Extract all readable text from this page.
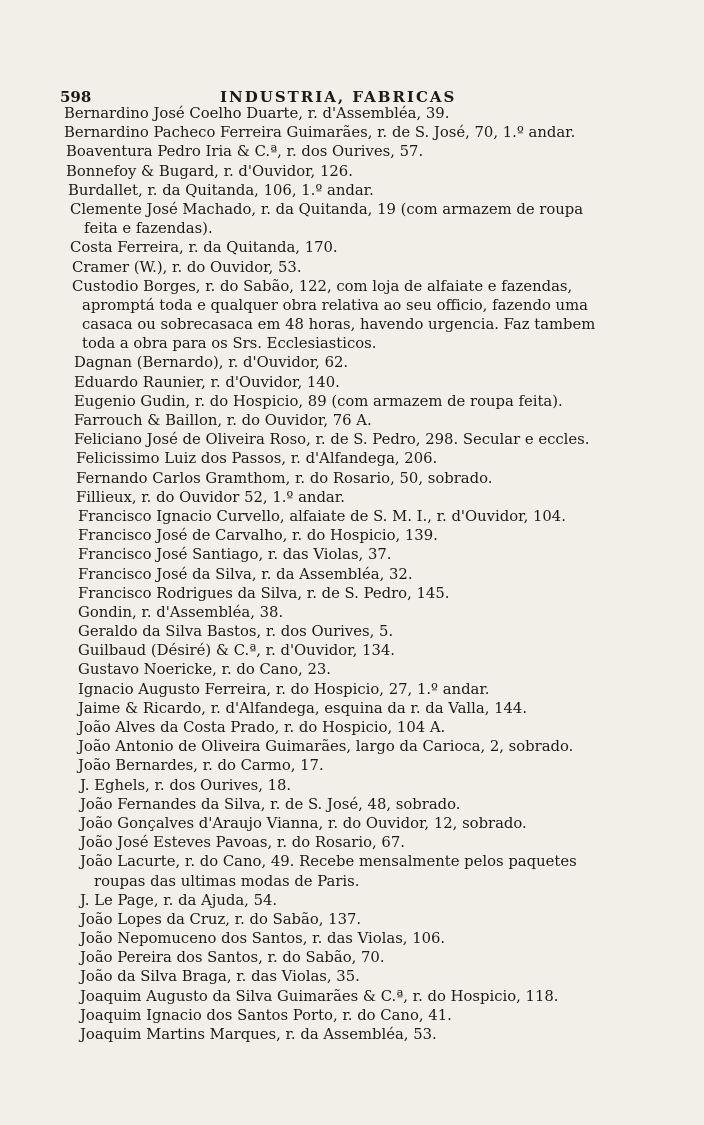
598	INDUSTRIA, FABRICAS
Bernardino José Coelho Duarte, r. d'Assembléa, 39.
Bernardino Pacheco Ferreira Guimarães, r. de S. José, 70, 1.º andar.
Boaventura Pedro Iria & C.ª, r. dos Ourives, 57.
Bonnefoy & Bugard, r. d'Ouvidor, 126.
Burdallet, r. da Quitanda, 106, 1.º andar.
Clemente José Machado, r. da Quitanda, 19 (com armazem de roupa
feita e fazendas).
Costa Ferreira, r. da Quitanda, 170.
Cramer (W.), r. do Ouvidor, 53.
Custodio Borges, r. do Sabão, 122, com loja de alfaiate e fazendas,
apromptá toda e qualquer obra relativa ao seu officio, fazendo uma
casaca ou sobrecasaca em 48 horas, havendo urgencia. Faz tambem
toda a obra para os Srs. Ecclesiasticos.
Dagnan (Bernardo), r. d'Ouvidor, 62.
Eduardo Raunier, r. d'Ouvidor, 140.
Eugenio Gudin, r. do Hospicio, 89 (com armazem de roupa feita).
Farrouch & Baillon, r. do Ouvidor, 76 A.
Feliciano José de Oliveira Roso, r. de S. Pedro, 298. Secular e eccles.
Felicissimo Luiz dos Passos, r. d'Alfandega, 206.
Fernando Carlos Gramthom, r. do Rosario, 50, sobrado.
Fillieux, r. do Ouvidor 52, 1.º andar.
Francisco Ignacio Curvello, alfaiate de S. M. I., r. d'Ouvidor, 104.
Francisco José de Carvalho, r. do Hospicio, 139.
Francisco José Santiago, r. das Violas, 37.
Francisco José da Silva, r. da Assembléa, 32.
Francisco Rodrigues da Silva, r. de S. Pedro, 145.
Gondin, r. d'Assembléa, 38.
Geraldo da Silva Bastos, r. dos Ourives, 5.
Guilbaud (Désiré) & C.ª, r. d'Ouvidor, 134.
Gustavo Noericke, r. do Cano, 23.
Ignacio Augusto Ferreira, r. do Hospicio, 27, 1.º andar.
Jaime & Ricardo, r. d'Alfandega, esquina da r. da Valla, 144.
João Alves da Costa Prado, r. do Hospicio, 104 A.
João Antonio de Oliveira Guimarães, largo da Carioca, 2, sobrado.
João Bernardes, r. do Carmo, 17.
J. Eghels, r. dos Ourives, 18.
João Fernandes da Silva, r. de S. José, 48, sobrado.
João Gonçalves d'Araujo Vianna, r. do Ouvidor, 12, sobrado.
João José Esteves Pavoas, r. do Rosario, 67.
João Lacurte, r. do Cano, 49. Recebe mensalmente pelos paquetes
roupas das ultimas modas de Paris.
J. Le Page, r. da Ajuda, 54.
João Lopes da Cruz, r. do Sabão, 137.
João Nepomuceno dos Santos, r. das Violas, 106.
João Pereira dos Santos, r. do Sabão, 70.
João da Silva Braga, r. das Violas, 35.
Joaquim Augusto da Silva Guimarães & C.ª, r. do Hospicio, 118.
Joaquim Ignacio dos Santos Porto, r. do Cano, 41.
Joaquim Martins Marques, r. da Assembléa, 53.
